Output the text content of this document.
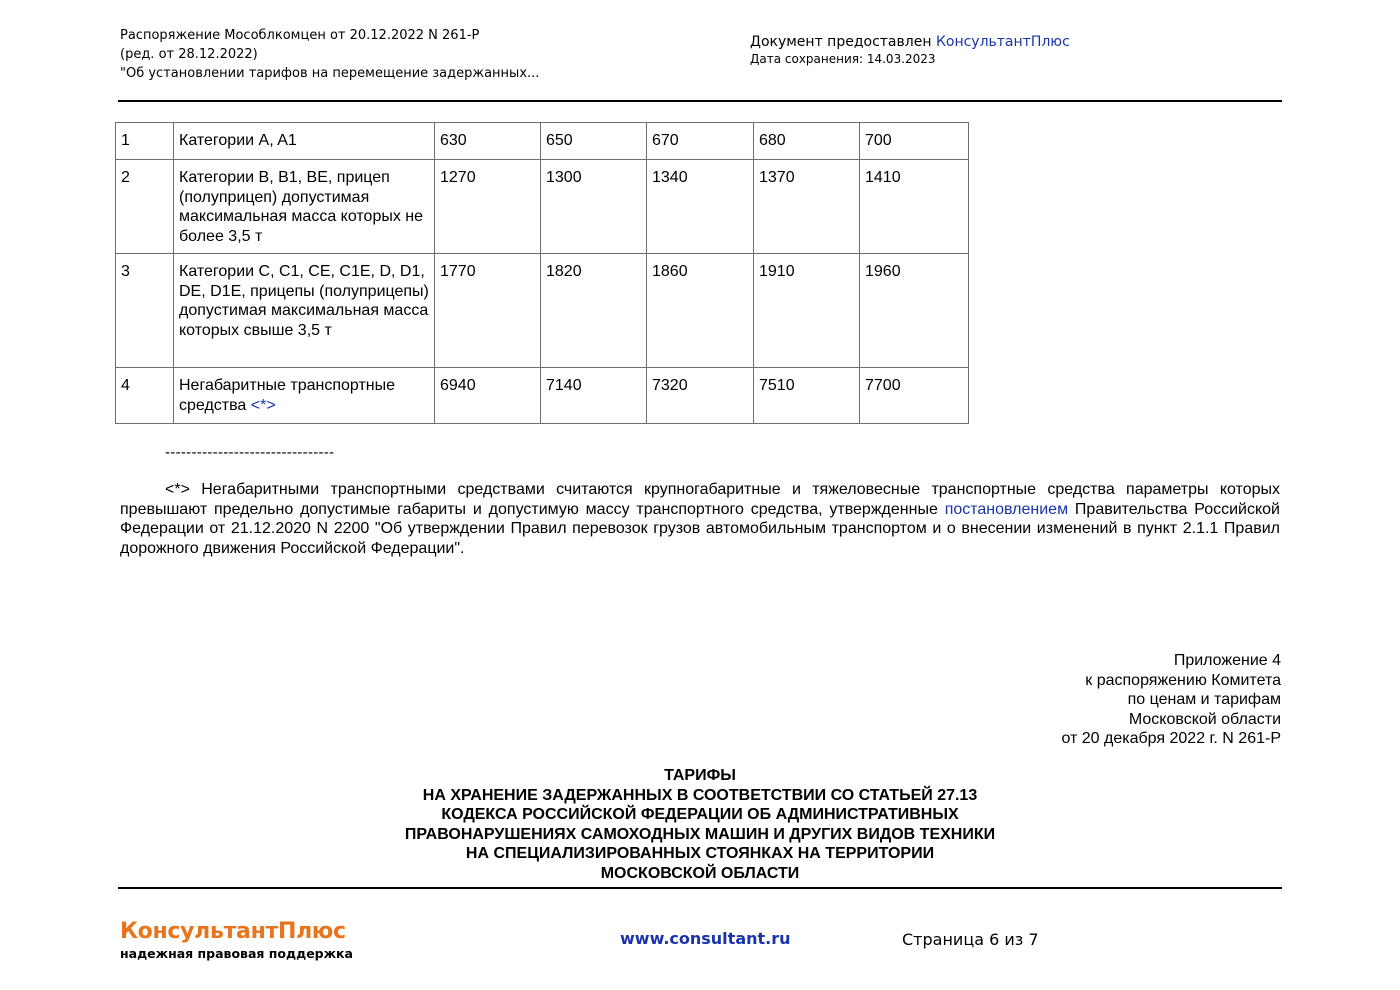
Распоряжение Мособлкомцен от 20.12.2022 N 261-Р
(ред. от 28.12.2022)
"Об установлении тарифов на перемещение задержанных...
Документ предоставлен КонсультантПлюс
Дата сохранения: 14.03.2023
1	Категории A, A1	630	650	670	680	700
2	Категории B, B1, BE, прицеп (полуприцеп) допустимая максимальная масса которых не более 3,5 т	1270	1300	1340	1370	1410
3	Категории C, C1, CE, C1E, D, D1, DE, D1E, прицепы (полуприцепы) допустимая максимальная масса которых свыше 3,5 т	1770	1820	1860	1910	1960
4	Негабаритные транспортные средства <*>	6940	7140	7320	7510	7700
--------------------------------
<*> Негабаритными транспортными средствами считаются крупногабаритные и тяжеловесные транспортные средства параметры которых превышают предельно допустимые габариты и допустимую массу транспортного средства, утвержденные постановлением Правительства Российской Федерации от 21.12.2020 N 2200 "Об утверждении Правил перевозок грузов автомобильным транспортом и о внесении изменений в пункт 2.1.1 Правил дорожного движения Российской Федерации".
Приложение 4
к распоряжению Комитета
по ценам и тарифам
Московской области
от 20 декабря 2022 г. N 261-Р
ТАРИФЫ
НА ХРАНЕНИЕ ЗАДЕРЖАННЫХ В СООТВЕТСТВИИ СО СТАТЬЕЙ 27.13
КОДЕКСА РОССИЙСКОЙ ФЕДЕРАЦИИ ОБ АДМИНИСТРАТИВНЫХ
ПРАВОНАРУШЕНИЯХ САМОХОДНЫХ МАШИН И ДРУГИХ ВИДОВ ТЕХНИКИ
НА СПЕЦИАЛИЗИРОВАННЫХ СТОЯНКАХ НА ТЕРРИТОРИИ
МОСКОВСКОЙ ОБЛАСТИ
КонсультантПлюс
надежная правовая поддержка
www.consultant.ru	Страница 6 из 7
